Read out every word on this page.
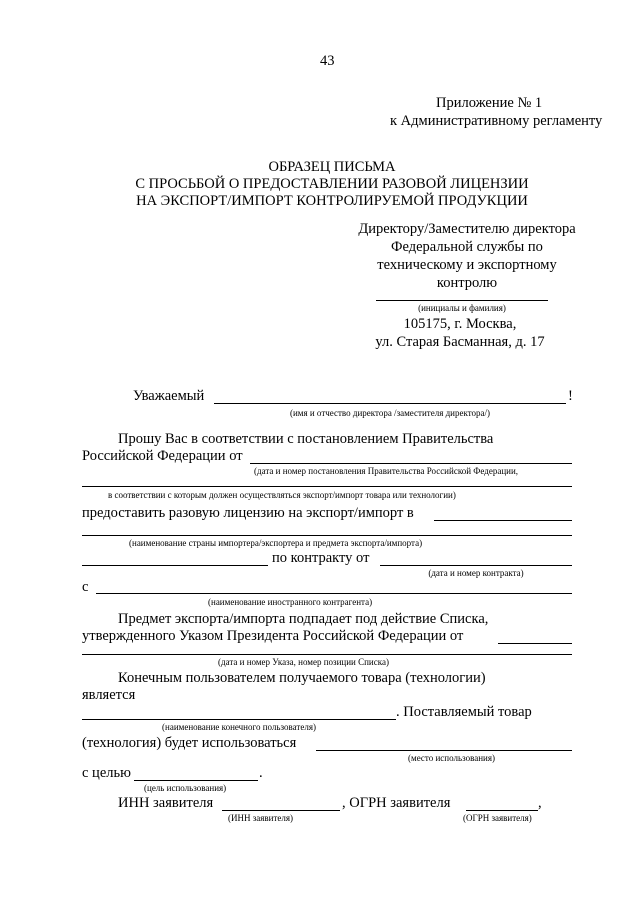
43
Приложение № 1
к Административному регламенту
ОБРАЗЕЦ ПИСЬМА
С ПРОСЬБОЙ О ПРЕДОСТАВЛЕНИИ РАЗОВОЙ ЛИЦЕНЗИИ
НА ЭКСПОРТ/ИМПОРТ КОНТРОЛИРУЕМОЙ ПРОДУКЦИИ
Директору/Заместителю директора
Федеральной службы по
техническому и экспортному
контролю
(инициалы и фамилия)
105175, г. Москва,
ул. Старая Басманная, д. 17
Уважаемый	!
(имя и отчество директора /заместителя директора/)
Прошу Вас в соответствии с постановлением Правительства
Российской Федерации от
(дата и номер постановления Правительства Российской Федерации,
в соответствии с которым должен осуществляться экспорт/импорт товара или технологии)
предоставить разовую лицензию на экспорт/импорт в
(наименование страны импортера/экспортера и предмета экспорта/импорта)
по контракту от
(дата и номер контракта)
с
(наименование иностранного контрагента)
Предмет экспорта/импорта подпадает под действие Списка,
утвержденного Указом Президента Российской Федерации от
(дата и номер Указа, номер позиции Списка)
Конечным пользователем получаемого товара (технологии)
является
. Поставляемый товар
(наименование конечного пользователя)
(технология) будет использоваться
(место использования)
с целью	.
(цель использования)
ИНН заявителя	, ОГРН заявителя	,
(ИНН заявителя)	(ОГРН заявителя)
